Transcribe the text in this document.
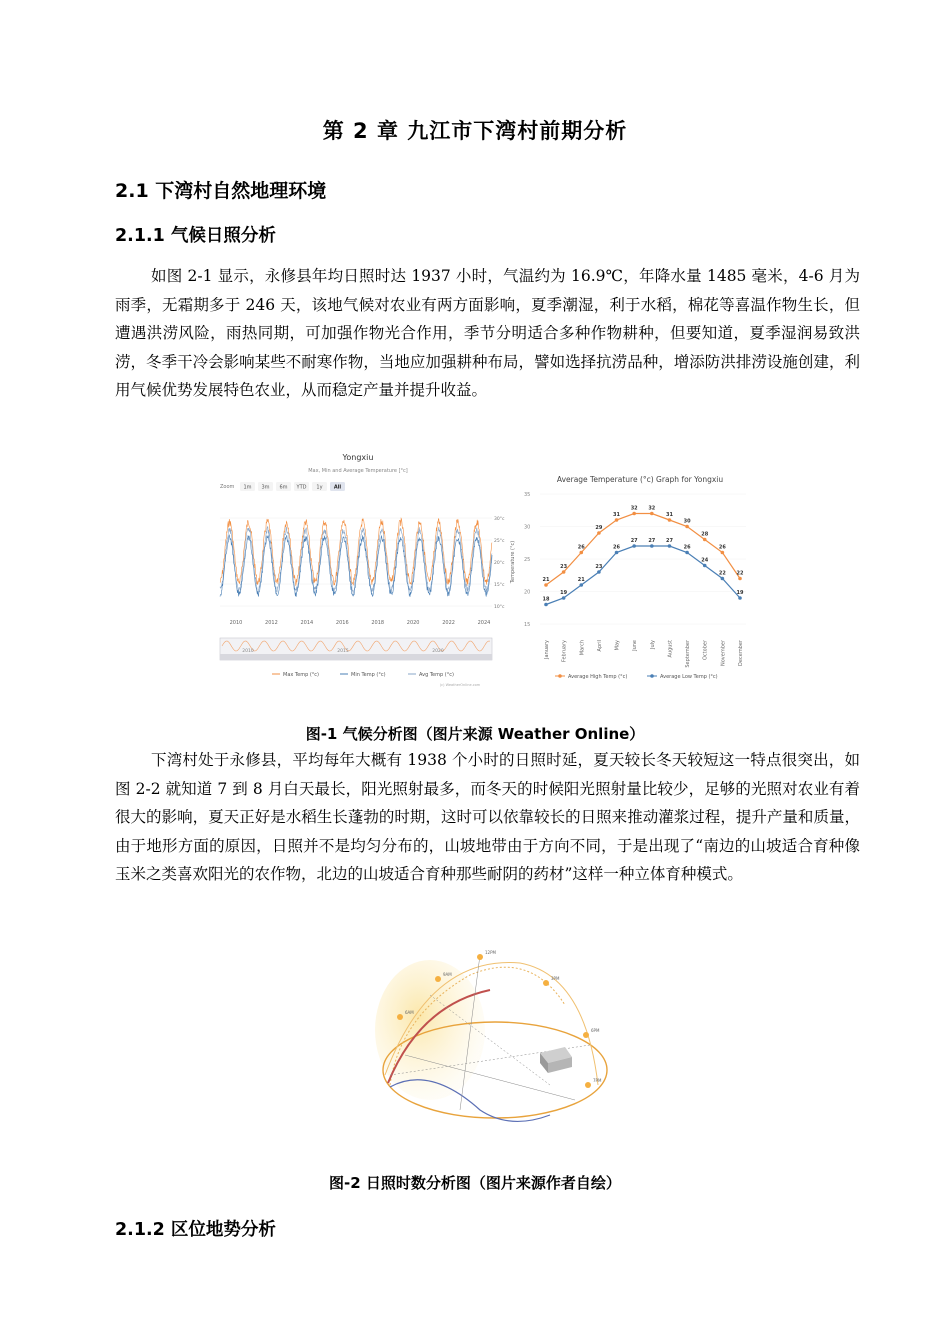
第 2 章 九江市下湾村前期分析
2.1 下湾村自然地理环境
2.1.1 气候日照分析

如图 2-1 显示，永修县年均日照时达 1937 小时，气温约为 16.9℃，年降水量 1485 毫米，4-6 月为雨季，无霜期多于 246 天，该地气候对农业有两方面影响，夏季潮湿，利于水稻，棉花等喜温作物生长，但遭遇洪涝风险，雨热同期，可加强作物光合作用，季节分明适合多种作物耕种，但要知道，夏季湿润易致洪涝，冬季干冷会影响某些不耐寒作物，当地应加强耕种布局，譬如选择抗涝品种，增添防洪排涝设施创建，利用气候优势发展特色农业，从而稳定产量并提升收益。

Yongxiu
Max, Min and Average Temperature [°c]
Zoom 1m 3m 6m YTD 1y All
30°c
25°c
20°c
15°c
10°c
2010	2012	2014	2016	2018	2020	2022	2024
2010	2015	2020
Max Temp (°c)	Min Temp (°c)	Avg Temp (°c)
(c) WeatherOnline.com
Average Temperature (°c) Graph for Yongxiu
Temperature (°c)
35
30
25
20
15
January February March April May June July August September October November December
21
23
26
29
31
32 32
31
30
28
26
22
18
19
21
23
26
27 27 27
26
24
22
19
Average High Temp (°c)	Average Low Temp (°c)
图-1 气候分析图（图片来源 Weather Online）

下湾村处于永修县，平均每年大概有 1938 个小时的日照时延，夏天较长冬天较短这一特点很突出，如图 2-2 就知道 7 到 8 月白天最长，阳光照射最多，而冬天的时候阳光照射量比较少，足够的光照对农业有着很大的影响，夏天正好是水稻生长蓬勃的时期，这时可以依靠较长的日照来推动灌浆过程，提升产量和质量，由于地形方面的原因，日照并不是均匀分布的，山坡地带由于方向不同，于是出现了“南边的山坡适合育种像玉米之类喜欢阳光的农作物，北边的山坡适合育种那些耐阴的药材”这样一种立体育种模式。

12PM
9AM
3PM
6AM
6PM
7PM
图-2 日照时数分析图（图片来源作者自绘）
2.1.2 区位地势分析
